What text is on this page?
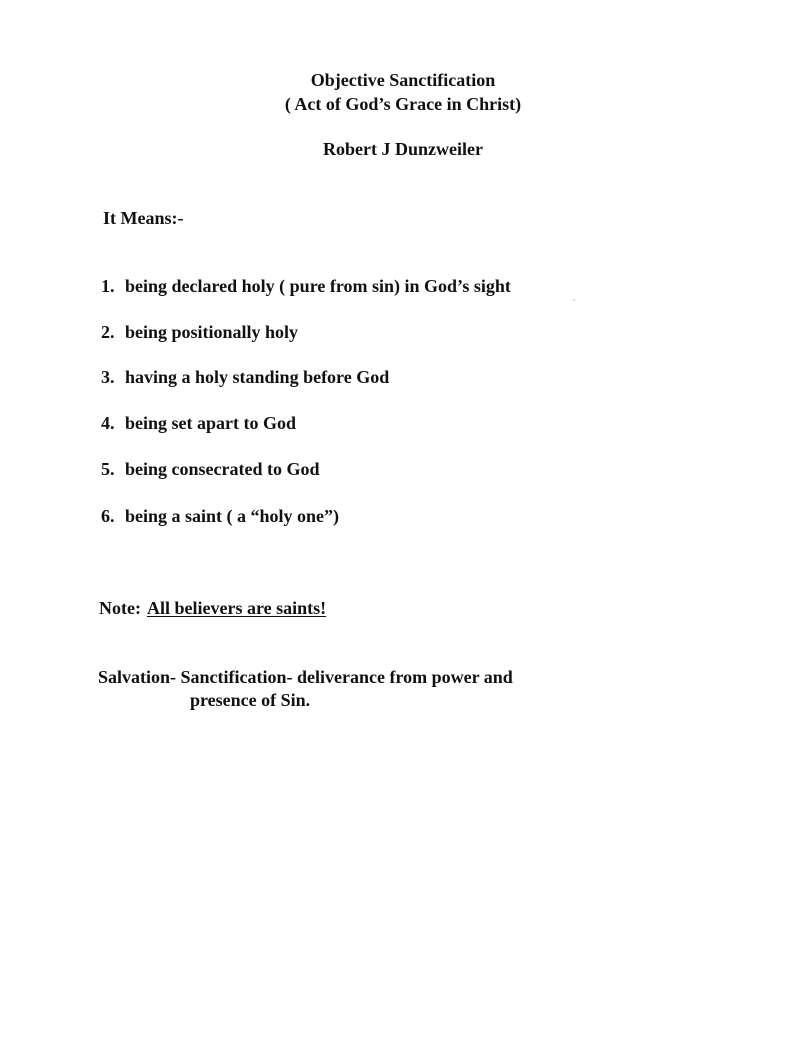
Objective Sanctification
( Act of God’s Grace in Christ)
Robert J Dunzweiler
It Means:-
1. being declared holy ( pure from sin) in God’s sight
2. being positionally holy
3. having a holy standing before God
4. being set apart to God
5. being consecrated to God
6. being a saint ( a “holy one”)
Note: All believers are saints!
Salvation- Sanctification- deliverance from power and
presence of Sin.
